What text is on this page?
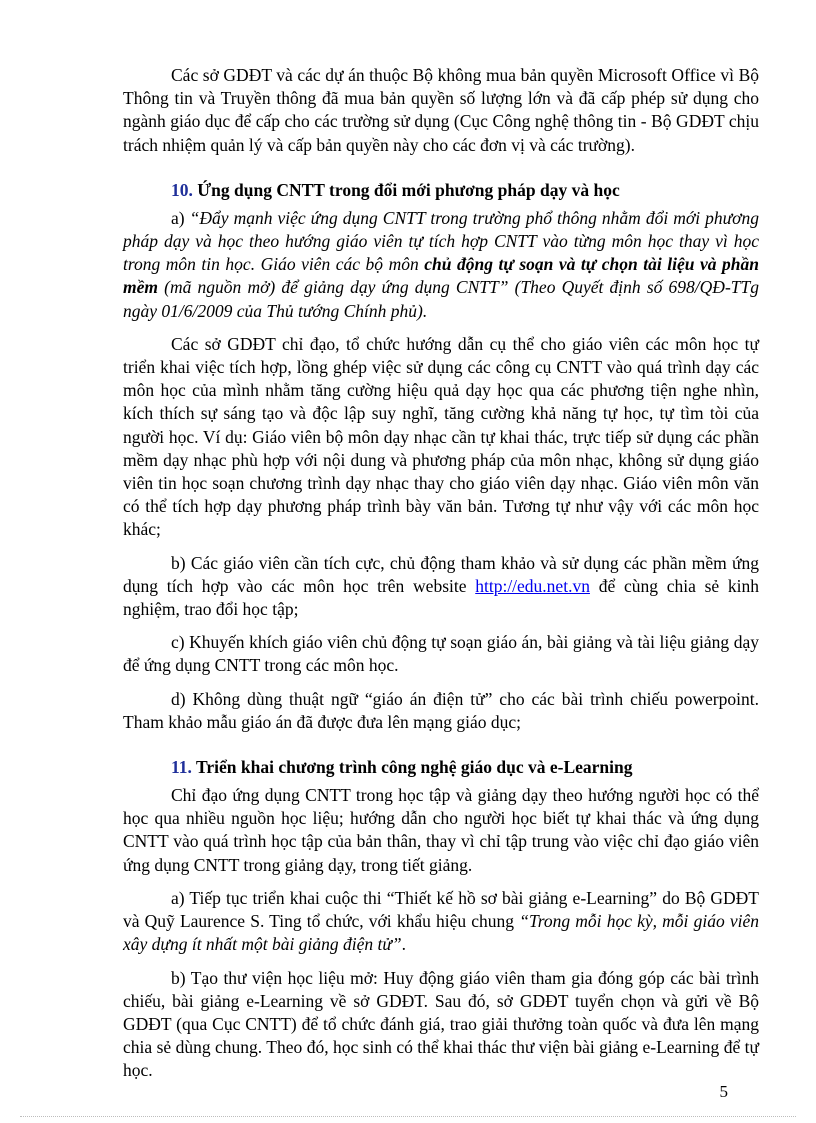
Các sở GDĐT và các dự án thuộc Bộ không mua bản quyền Microsoft Office vì Bộ Thông tin và Truyền thông đã mua bản quyền số lượng lớn và đã cấp phép sử dụng cho ngành giáo dục để cấp cho các trường sử dụng (Cục Công nghệ thông tin - Bộ GDĐT chịu trách nhiệm quản lý và cấp bản quyền này cho các đơn vị và các trường).

10. Ứng dụng CNTT trong đổi mới phương pháp dạy và học

a) “Đẩy mạnh việc ứng dụng CNTT trong trường phổ thông nhằm đổi mới phương pháp dạy và học theo hướng giáo viên tự tích hợp CNTT vào từng môn học thay vì học trong môn tin học. Giáo viên các bộ môn chủ động tự soạn và tự chọn tài liệu và phần mềm (mã nguồn mở) để giảng dạy ứng dụng CNTT” (Theo Quyết định số 698/QĐ-TTg ngày 01/6/2009 của Thủ tướng Chính phủ).

Các sở GDĐT chỉ đạo, tổ chức hướng dẫn cụ thể cho giáo viên các môn học tự triển khai việc tích hợp, lồng ghép việc sử dụng các công cụ CNTT vào quá trình dạy các môn học của mình nhằm tăng cường hiệu quả dạy học qua các phương tiện nghe nhìn, kích thích sự sáng tạo và độc lập suy nghĩ, tăng cường khả năng tự học, tự tìm tòi của người học. Ví dụ: Giáo viên bộ môn dạy nhạc cần tự khai thác, trực tiếp sử dụng các phần mềm dạy nhạc phù hợp với nội dung và phương pháp của môn nhạc, không sử dụng giáo viên tin học soạn chương trình dạy nhạc thay cho giáo viên dạy nhạc. Giáo viên môn văn có thể tích hợp dạy phương pháp trình bày văn bản. Tương tự như vậy với các môn học khác;

b) Các giáo viên cần tích cực, chủ động tham khảo và sử dụng các phần mềm ứng dụng tích hợp vào các môn học trên website http://edu.net.vn để cùng chia sẻ kinh nghiệm, trao đổi học tập;

c) Khuyến khích giáo viên chủ động tự soạn giáo án, bài giảng và tài liệu giảng dạy để ứng dụng CNTT trong các môn học.

d) Không dùng thuật ngữ “giáo án điện tử” cho các bài trình chiếu powerpoint. Tham khảo mẫu giáo án đã được đưa lên mạng giáo dục;

11. Triển khai chương trình công nghệ giáo dục và e-Learning

Chỉ đạo ứng dụng CNTT trong học tập và giảng dạy theo hướng người học có thể học qua nhiều nguồn học liệu; hướng dẫn cho người học biết tự khai thác và ứng dụng CNTT vào quá trình học tập của bản thân, thay vì chỉ tập trung vào việc chỉ đạo giáo viên ứng dụng CNTT trong giảng dạy, trong tiết giảng.

a) Tiếp tục triển khai cuộc thi “Thiết kế hồ sơ bài giảng e-Learning” do Bộ GDĐT và Quỹ Laurence S. Ting tổ chức, với khẩu hiệu chung “Trong mỗi học kỳ, mỗi giáo viên xây dựng ít nhất một bài giảng điện tử”.

b) Tạo thư viện học liệu mở: Huy động giáo viên tham gia đóng góp các bài trình chiếu, bài giảng e-Learning về sở GDĐT. Sau đó, sở GDĐT tuyển chọn và gửi về Bộ GDĐT (qua Cục CNTT) để tổ chức đánh giá, trao giải thưởng toàn quốc và đưa lên mạng chia sẻ dùng chung. Theo đó, học sinh có thể khai thác thư viện bài giảng e-Learning để tự học.

5
